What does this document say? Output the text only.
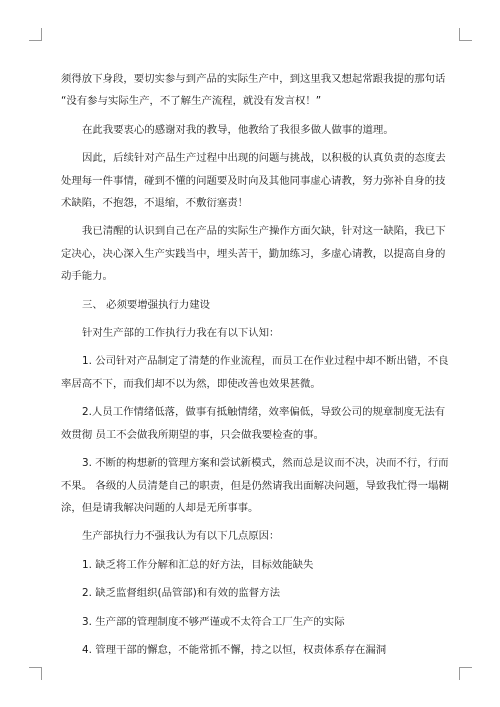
须得放下身段，要切实参与到产品的实际生产中，到这里我又想起常跟我提的那句话

“没有参与实际生产，不了解生产流程，就没有发言权！”

在此我要衷心的感谢对我的教导，他教给了我很多做人做事的道理。

因此，后续针对产品生产过程中出现的问题与挑战，以积极的认真负责的态度去

处理每一件事情，碰到不懂的问题要及时向及其他同事虚心请教，努力弥补自身的技

术缺陷，不抱怨，不退缩，不敷衍塞责！

我已清醒的认识到自己在产品的实际生产操作方面欠缺，针对这一缺陷，我已下

定决心，决心深入生产实践当中，埋头苦干，勤加练习，多虚心请教，以提高自身的

动手能力。

三、 必须要增强执行力建设

针对生产部的工作执行力我在有以下认知：

1. 公司针对产品制定了清楚的作业流程，而员工在作业过程中却不断出错，不良

率居高不下，而我们却不以为然，即使改善也效果甚微。

2.人员工作情绪低落，做事有抵触情绪，效率偏低，导致公司的规章制度无法有

效贯彻 员工不会做我所期望的事，只会做我要检查的事。

3. 不断的构想新的管理方案和尝试新模式，然而总是议而不决，决而不行，行而

不果。 各级的人员清楚自己的职责，但是仍然请我出面解决问题，导致我忙得一塌糊

涂，但是请我解决问题的人却是无所事事。

生产部执行力不强我认为有以下几点原因：

1. 缺乏将工作分解和汇总的好方法，目标效能缺失

2. 缺乏监督组织(品管部)和有效的监督方法

3. 生产部的管理制度不够严谨或不太符合工厂生产的实际

4. 管理干部的懈怠，不能常抓不懈，持之以恒，权责体系存在漏洞
